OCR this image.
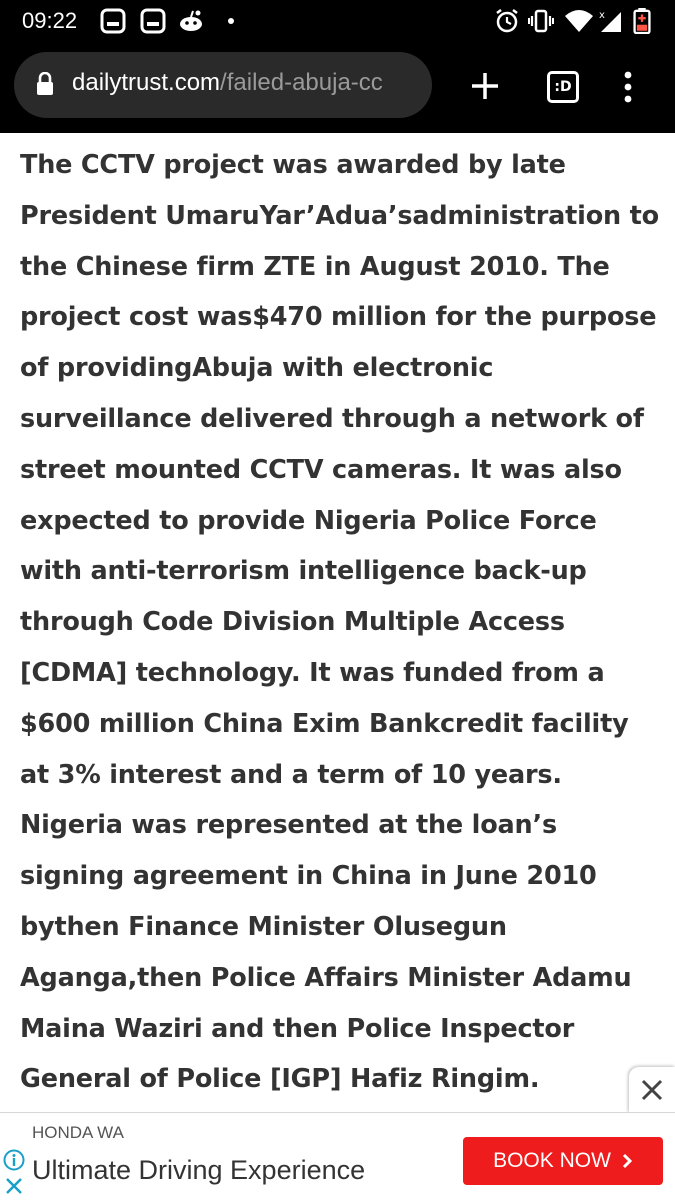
09:22	x
dailytrust.com/failed-abuja-cc	:D
The CCTV project was awarded by late
President UmaruYar’Adua’sadministration to
the Chinese firm ZTE in August 2010. The
project cost was$470 million for the purpose
of providingAbuja with electronic
surveillance delivered through a network of
street mounted CCTV cameras. It was also
expected to provide Nigeria Police Force
with anti-terrorism intelligence back-up
through Code Division Multiple Access
[CDMA] technology. It was funded from a
$600 million China Exim Bankcredit facility
at 3% interest and a term of 10 years.
Nigeria was represented at the loan’s
signing agreement in China in June 2010
bythen Finance Minister Olusegun
Aganga,then Police Affairs Minister Adamu
Maina Waziri and then Police Inspector
General of Police [IGP] Hafiz Ringim.
HONDA WA
Ultimate Driving Experience	BOOK NOW
